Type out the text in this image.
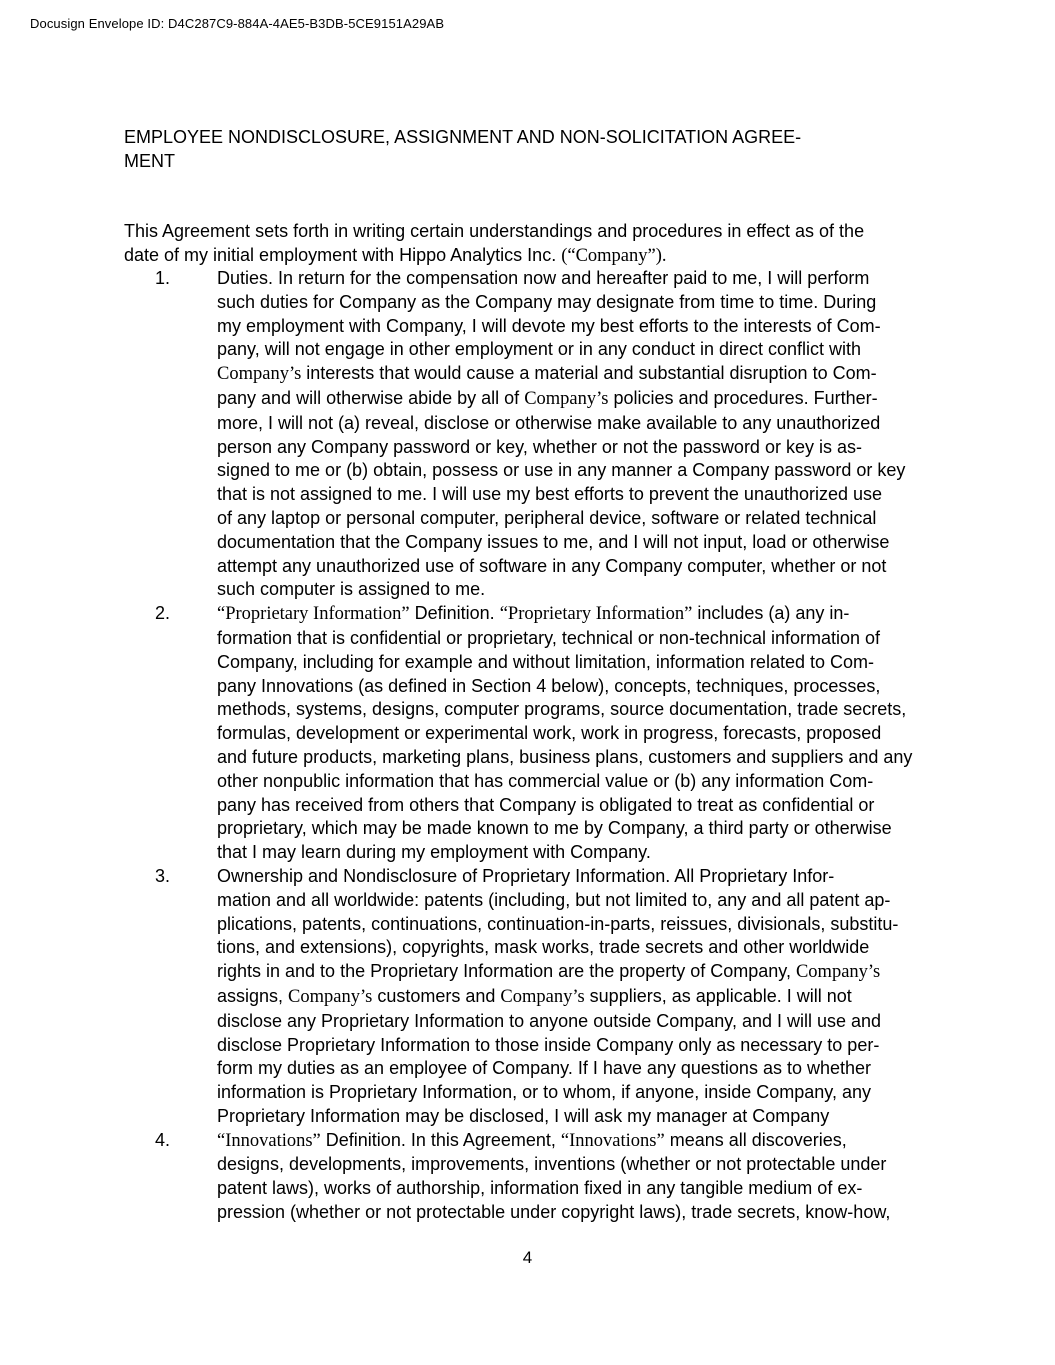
Docusign Envelope ID: D4C287C9-884A-4AE5-B3DB-5CE9151A29AB
EMPLOYEE NONDISCLOSURE, ASSIGNMENT AND NON-SOLICITATION AGREE-
MENT
This Agreement sets forth in writing certain understandings and procedures in effect as of the
date of my initial employment with Hippo Analytics Inc. (“Company”).
1.	Duties. In return for the compensation now and hereafter paid to me, I will perform
such duties for Company as the Company may designate from time to time. During
my employment with Company, I will devote my best efforts to the interests of Com-
pany, will not engage in other employment or in any conduct in direct conflict with
Company’s interests that would cause a material and substantial disruption to Com-
pany and will otherwise abide by all of Company’s policies and procedures. Further-
more, I will not (a) reveal, disclose or otherwise make available to any unauthorized
person any Company password or key, whether or not the password or key is as-
signed to me or (b) obtain, possess or use in any manner a Company password or key
that is not assigned to me. I will use my best efforts to prevent the unauthorized use
of any laptop or personal computer, peripheral device, software or related technical
documentation that the Company issues to me, and I will not input, load or otherwise
attempt any unauthorized use of software in any Company computer, whether or not
such computer is assigned to me.
2.	“Proprietary Information” Definition. “Proprietary Information” includes (a) any in-
formation that is confidential or proprietary, technical or non-technical information of
Company, including for example and without limitation, information related to Com-
pany Innovations (as defined in Section 4 below), concepts, techniques, processes,
methods, systems, designs, computer programs, source documentation, trade secrets,
formulas, development or experimental work, work in progress, forecasts, proposed
and future products, marketing plans, business plans, customers and suppliers and any
other nonpublic information that has commercial value or (b) any information Com-
pany has received from others that Company is obligated to treat as confidential or
proprietary, which may be made known to me by Company, a third party or otherwise
that I may learn during my employment with Company.
3.	Ownership and Nondisclosure of Proprietary Information. All Proprietary Infor-
mation and all worldwide: patents (including, but not limited to, any and all patent ap-
plications, patents, continuations, continuation-in-parts, reissues, divisionals, substitu-
tions, and extensions), copyrights, mask works, trade secrets and other worldwide
rights in and to the Proprietary Information are the property of Company, Company’s
assigns, Company’s customers and Company’s suppliers, as applicable. I will not
disclose any Proprietary Information to anyone outside Company, and I will use and
disclose Proprietary Information to those inside Company only as necessary to per-
form my duties as an employee of Company. If I have any questions as to whether
information is Proprietary Information, or to whom, if anyone, inside Company, any
Proprietary Information may be disclosed, I will ask my manager at Company
4.	“Innovations” Definition. In this Agreement, “Innovations” means all discoveries,
designs, developments, improvements, inventions (whether or not protectable under
patent laws), works of authorship, information fixed in any tangible medium of ex-
pression (whether or not protectable under copyright laws), trade secrets, know-how,
4
